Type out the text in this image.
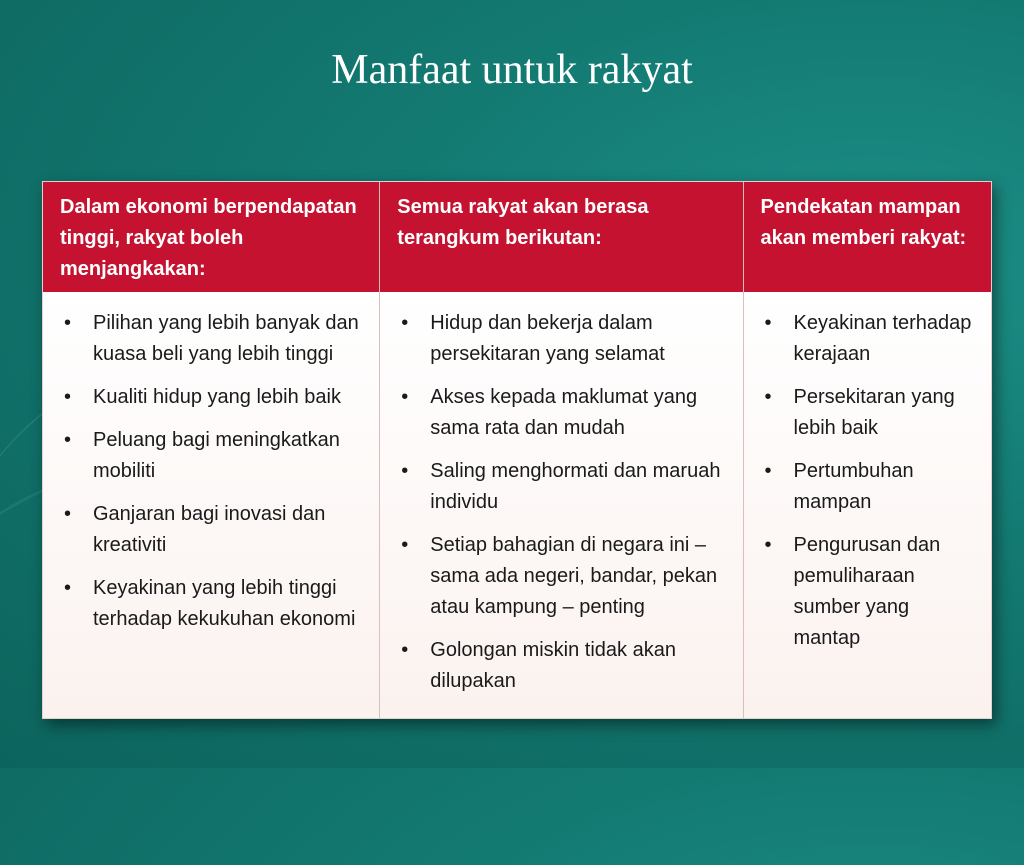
Manfaat untuk rakyat
Dalam ekonomi berpendapatan tinggi, rakyat boleh menjangkakan:
• Pilihan yang lebih banyak dan kuasa beli yang lebih tinggi
• Kualiti hidup yang lebih baik
• Peluang bagi meningkatkan mobiliti
• Ganjaran bagi inovasi dan kreativiti
• Keyakinan yang lebih tinggi terhadap kekukuhan ekonomi
Semua rakyat akan berasa terangkum berikutan:
• Hidup dan bekerja dalam persekitaran yang selamat
• Akses kepada maklumat yang sama rata dan mudah
• Saling menghormati dan maruah individu
• Setiap bahagian di negara ini – sama ada negeri, bandar, pekan atau kampung – penting
• Golongan miskin tidak akan dilupakan
Pendekatan mampan akan memberi rakyat:
• Keyakinan terhadap kerajaan
• Persekitaran yang lebih baik
• Pertumbuhan mampan
• Pengurusan dan pemuliharaan sumber yang mantap
